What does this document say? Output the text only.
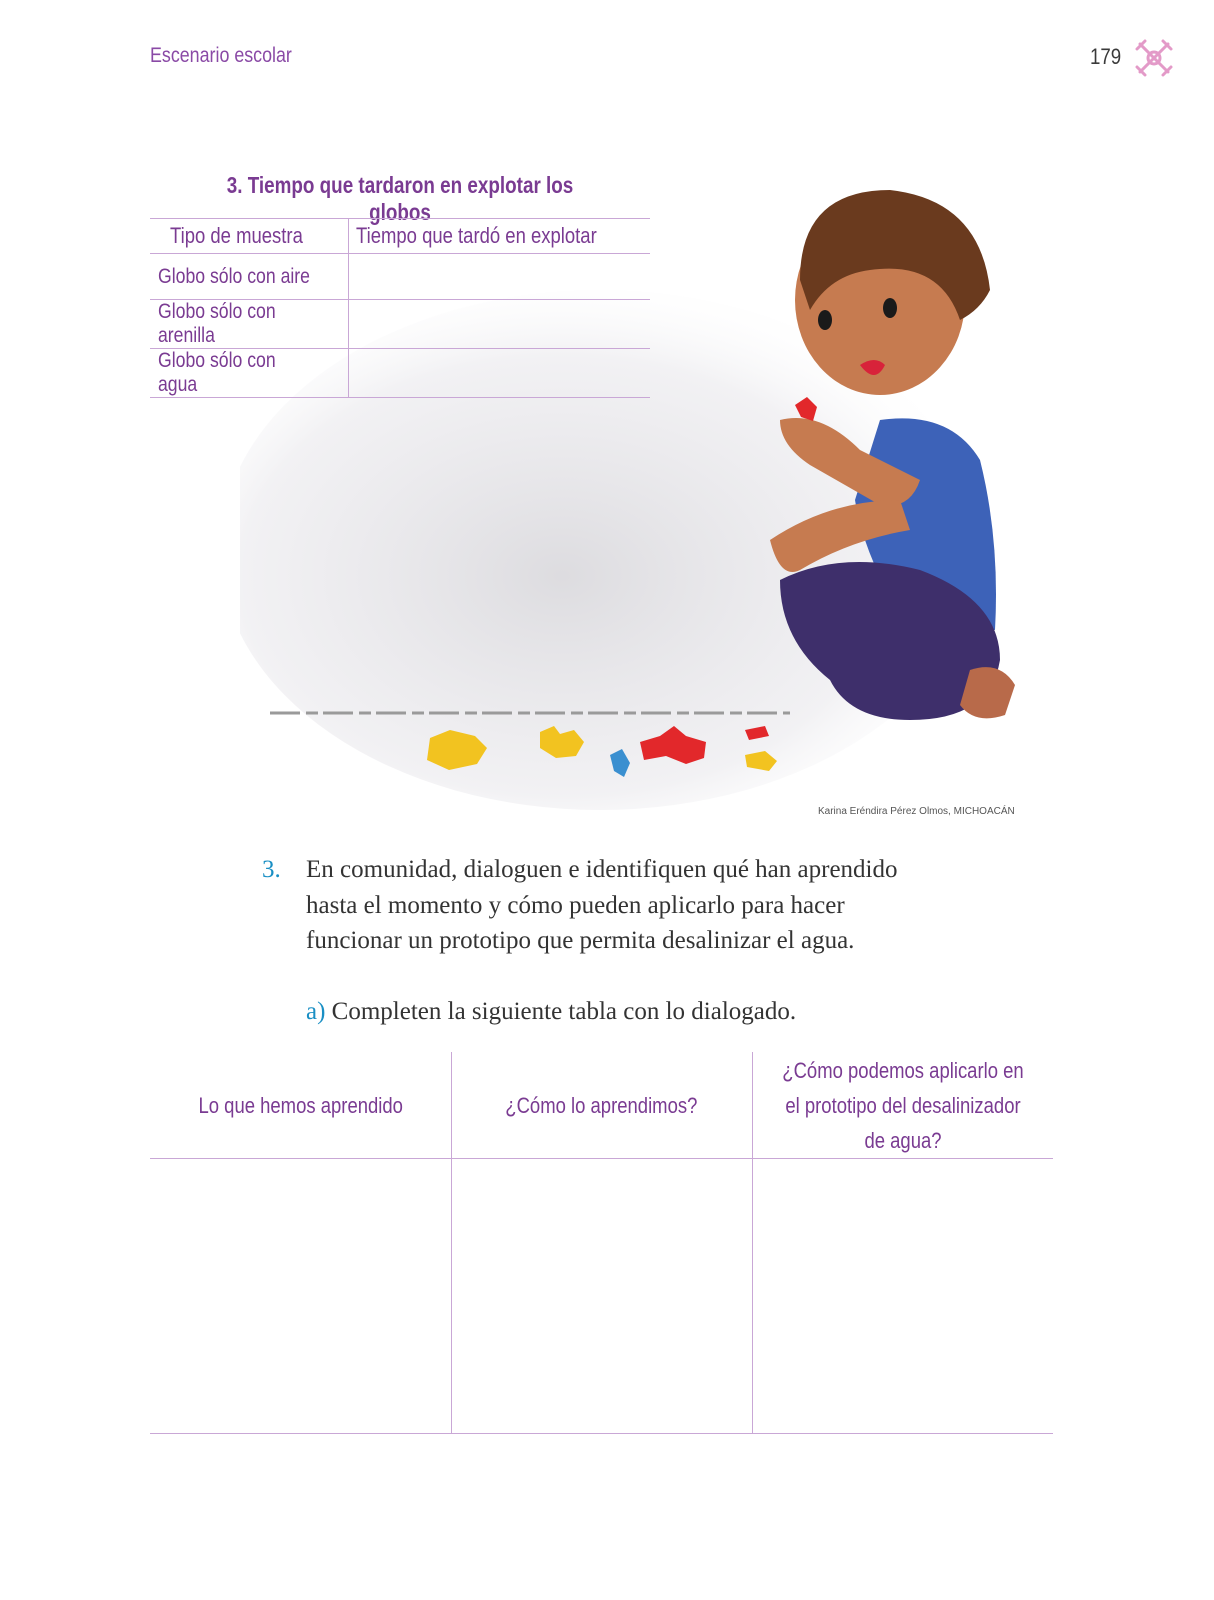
Escenario escolar	179
Karina Eréndira Pérez Olmos, MICHOACÁN
3. Tiempo que tardaron en explotar los globos
Tipo de muestra	Tiempo que tardó en explotar
Globo sólo con aire	
Globo sólo con arenilla	
Globo sólo con agua	
3. En comunidad, dialoguen e identifiquen qué han aprendido hasta el momento y cómo pueden aplicarlo para hacer funcionar un prototipo que permita desalinizar el agua.
a) Completen la siguiente tabla con lo dialogado.
Lo que hemos aprendido	¿Cómo lo aprendimos?	¿Cómo podemos aplicarlo en el prototipo del desalinizador de agua?
